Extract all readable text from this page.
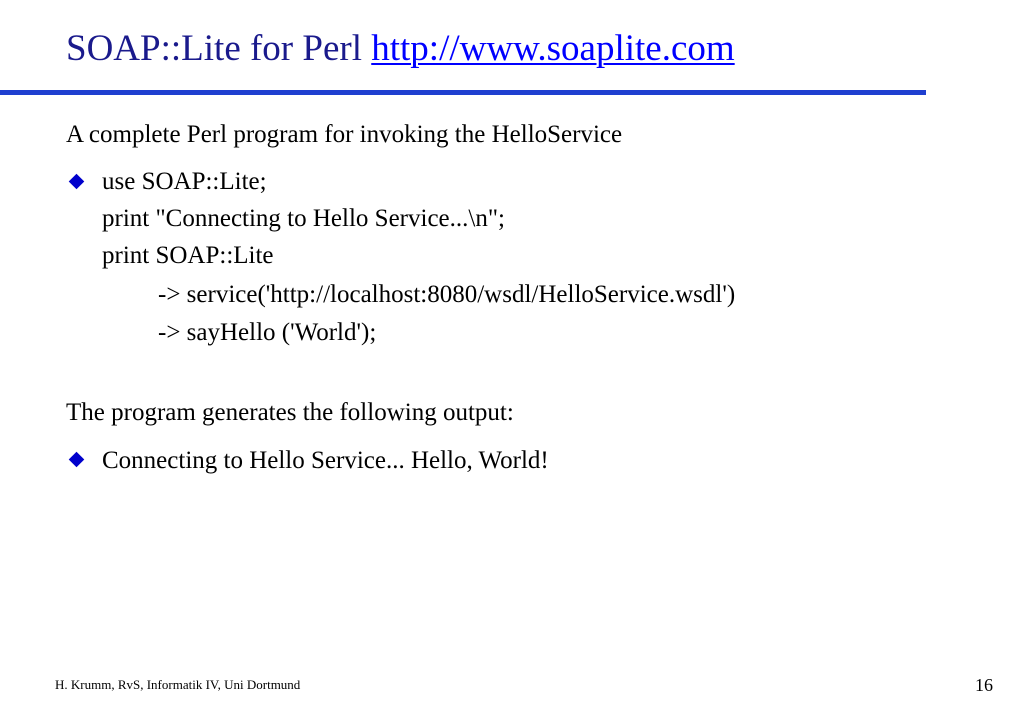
SOAP::Lite for Perl http://www.soaplite.com
A complete Perl program for invoking the HelloService
use SOAP::Lite;
print "Connecting to Hello Service...\n";
print SOAP::Lite
-> service('http://localhost:8080/wsdl/HelloService.wsdl')
-> sayHello ('World');
The program generates the following output:
Connecting to Hello Service... Hello, World!
H. Krumm, RvS, Informatik IV, Uni Dortmund	16
